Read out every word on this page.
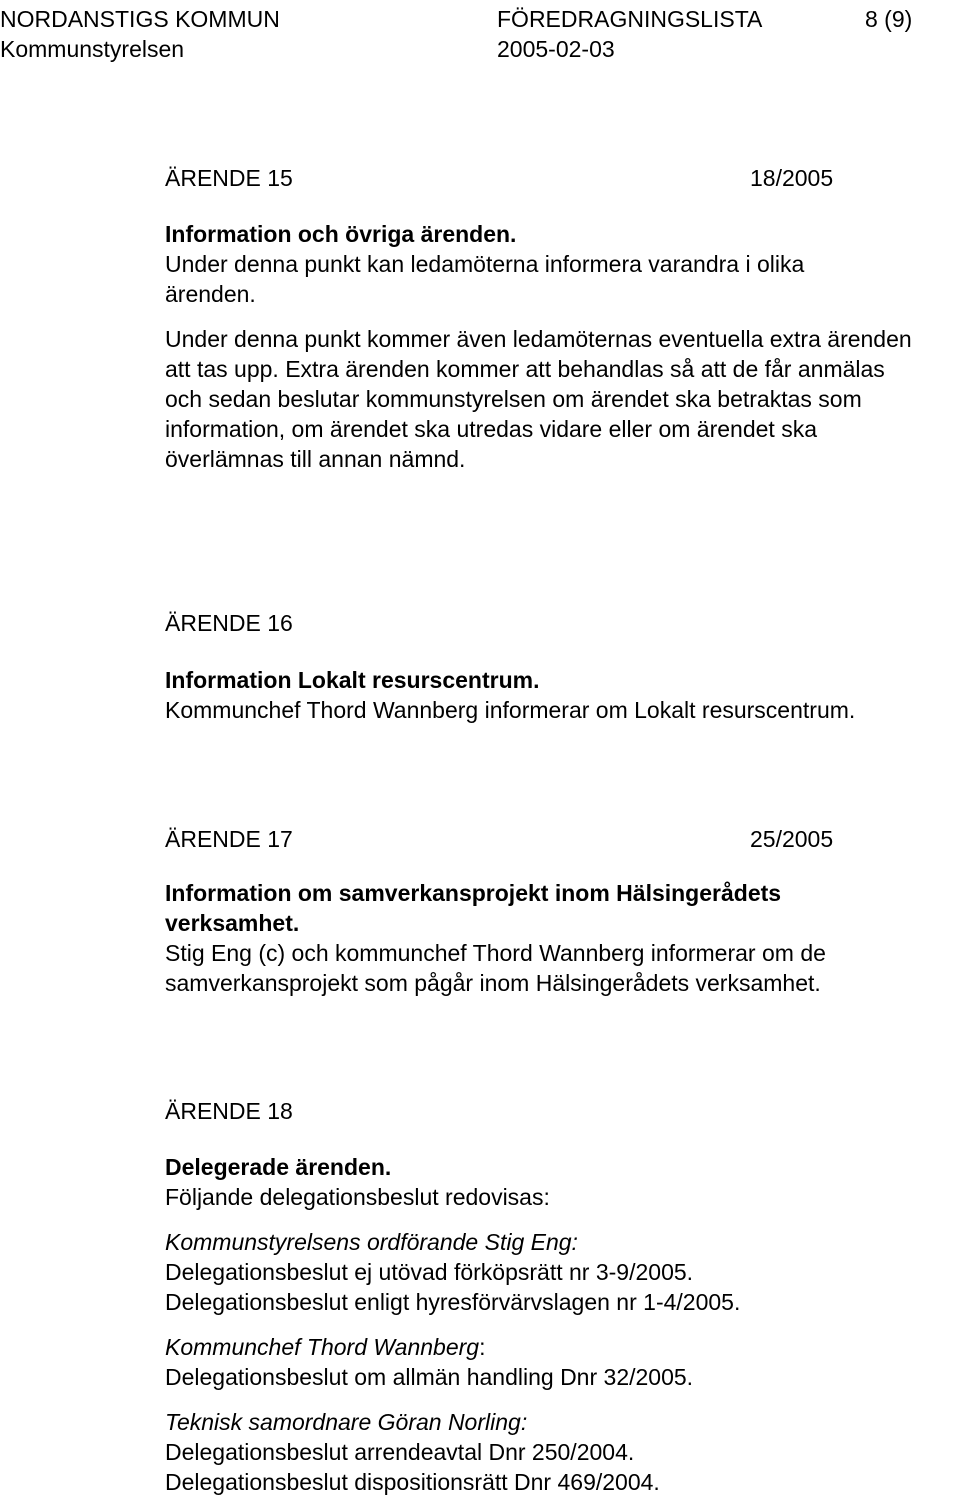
NORDANSTIGS KOMMUN	FÖREDRAGNINGSLISTA	8 (9)
Kommunstyrelsen	2005-02-03
ÄRENDE 15	18/2005

Information och övriga ärenden.

Under denna punkt kan ledamöterna informera varandra i olika ärenden.

Under denna punkt kommer även ledamöternas eventuella extra ärenden att tas upp. Extra ärenden kommer att behandlas så att de får anmälas och sedan beslutar kommunstyrelsen om ärendet ska betraktas som information, om ärendet ska utredas vidare eller om ärendet ska överlämnas till annan nämnd.

ÄRENDE 16

Information Lokalt resurscentrum.

Kommunchef Thord Wannberg informerar om Lokalt resurscentrum.

ÄRENDE 17	25/2005

Information om samverkansprojekt inom Hälsingerådets verksamhet.

Stig Eng (c) och kommunchef Thord Wannberg informerar om de samverkansprojekt som pågår inom Hälsingerådets verksamhet.

ÄRENDE 18

Delegerade ärenden.

Följande delegationsbeslut redovisas:

Kommunstyrelsens ordförande Stig Eng:

Delegationsbeslut ej utövad förköpsrätt nr 3-9/2005.

Delegationsbeslut enligt hyresförvärvslagen nr 1-4/2005.

Kommunchef Thord Wannberg:

Delegationsbeslut om allmän handling Dnr 32/2005.

Teknisk samordnare Göran Norling:

Delegationsbeslut arrendeavtal Dnr 250/2004.

Delegationsbeslut dispositionsrätt Dnr 469/2004.
